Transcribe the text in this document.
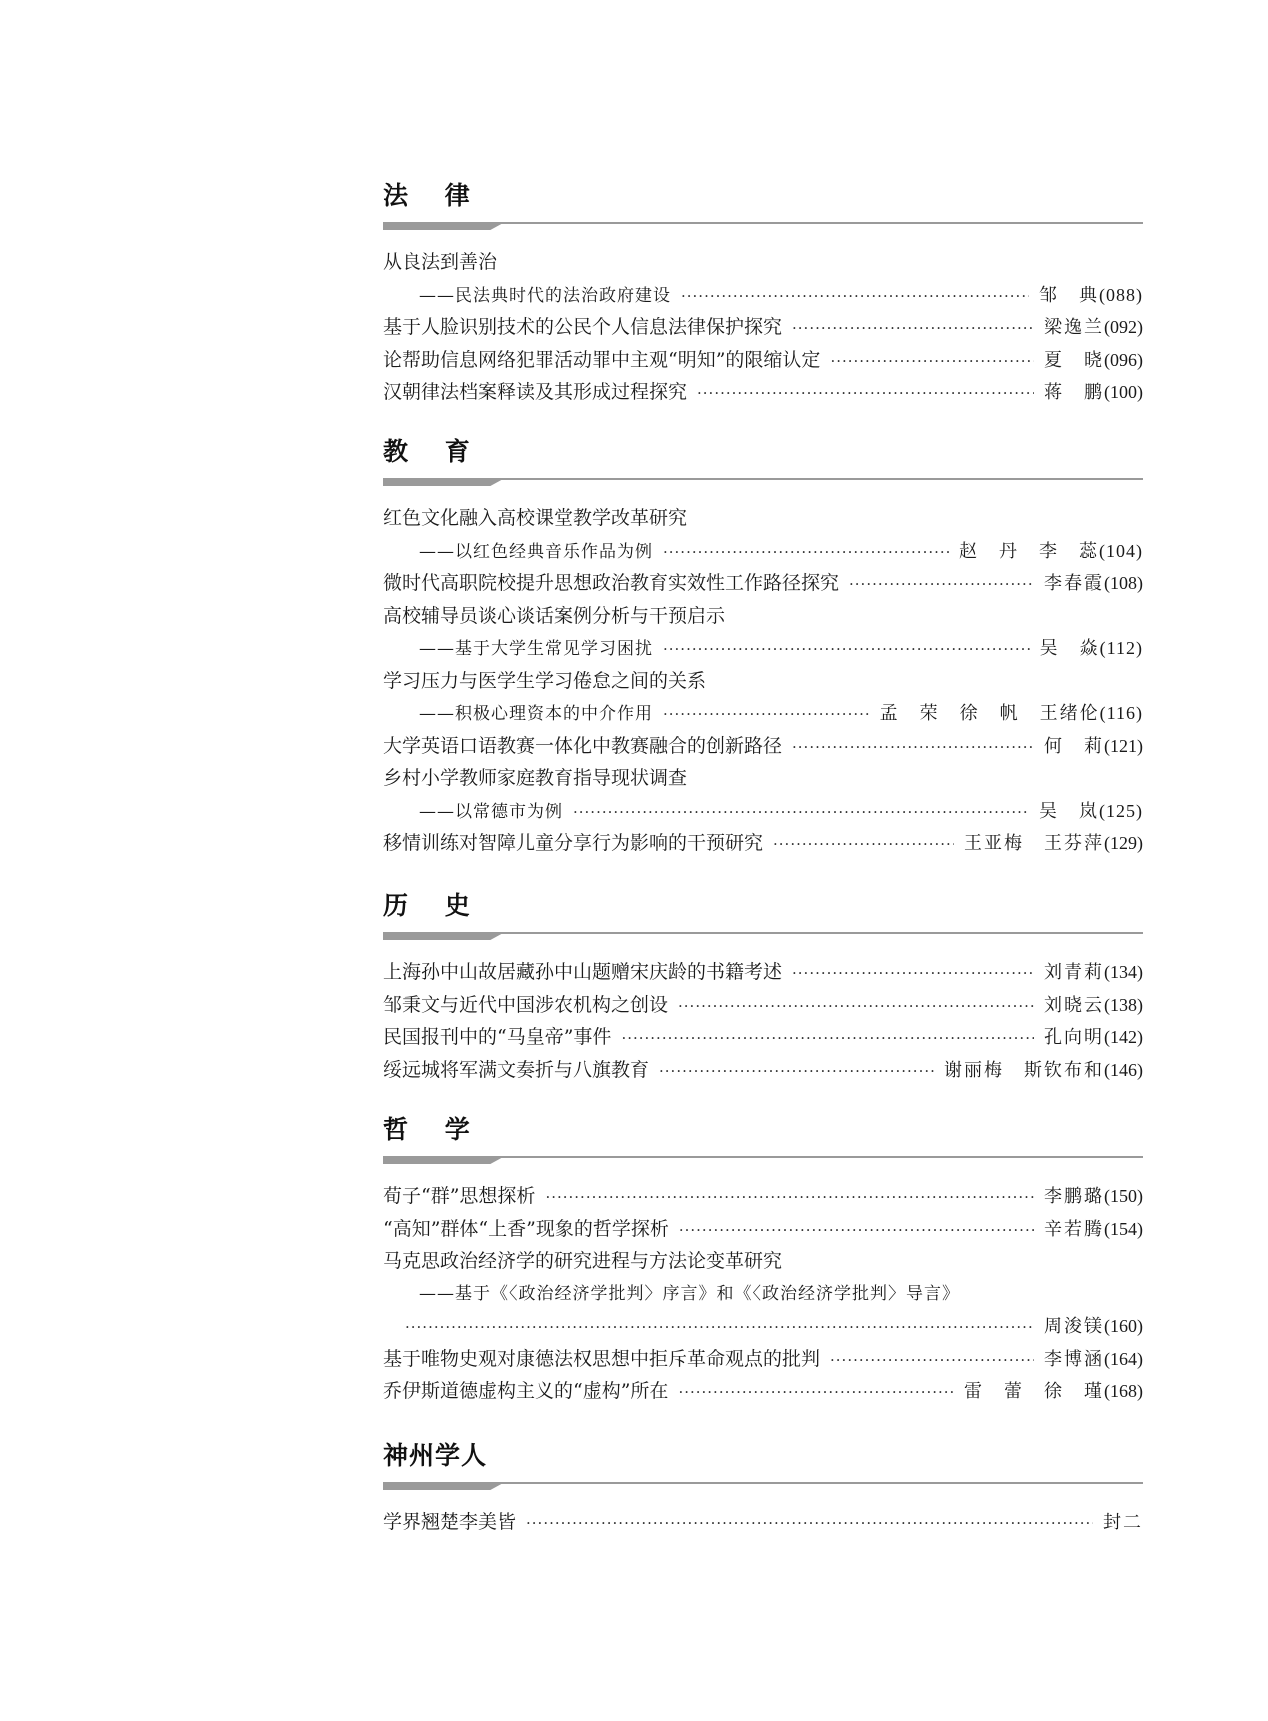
法 律
从良法到善治
——民法典时代的法治政府建设 ·····	邹　典 (088)
基于人脸识别技术的公民个人信息法律保护探究 ·····	梁逸兰 (092)
论帮助信息网络犯罪活动罪中主观“明知”的限缩认定 ·····	夏　晓 (096)
汉朝律法档案释读及其形成过程探究 ·····	蒋　鹏 (100)
教 育
红色文化融入高校课堂教学改革研究
——以红色经典音乐作品为例 ·····	赵　丹　李　蕊 (104)
微时代高职院校提升思想政治教育实效性工作路径探究 ·····	李春霞 (108)
高校辅导员谈心谈话案例分析与干预启示
——基于大学生常见学习困扰 ·····	吴　焱 (112)
学习压力与医学生学习倦怠之间的关系
——积极心理资本的中介作用 ·····	孟　荣　徐　帆　王绪伦 (116)
大学英语口语教赛一体化中教赛融合的创新路径 ·····	何　莉 (121)
乡村小学教师家庭教育指导现状调查
——以常德市为例 ·····	吴　岚 (125)
移情训练对智障儿童分享行为影响的干预研究 ·····	王亚梅　王芬萍 (129)
历 史
上海孙中山故居藏孙中山题赠宋庆龄的书籍考述 ·····	刘青莉 (134)
邹秉文与近代中国涉农机构之创设 ·····	刘晓云 (138)
民国报刊中的“马皇帝”事件 ·····	孔向明 (142)
绥远城将军满文奏折与八旗教育 ·····	谢丽梅　斯钦布和 (146)
哲 学
荀子“群”思想探析 ·····	李鹏璐 (150)
“高知”群体“上香”现象的哲学探析 ·····	辛若腾 (154)
马克思政治经济学的研究进程与方法论变革研究
——基于《〈政治经济学批判〉序言》和《〈政治经济学批判〉导言》
·····
周浚镁 (160)
基于唯物史观对康德法权思想中拒斥革命观点的批判 ·····	李博涵 (164)
乔伊斯道德虚构主义的“虚构”所在 ·····	雷　蕾　徐　瑾 (168)
神州学人
学界翘楚李美皆 ·····	封二
